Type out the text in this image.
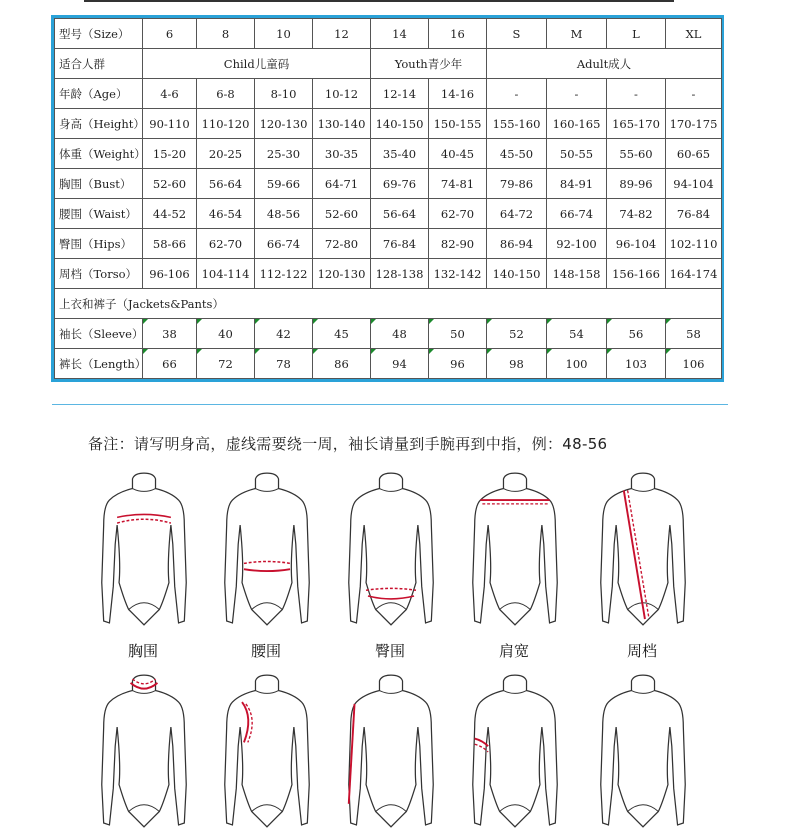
型号（Size）	6	8	10	12	14	16	S	M	L	XL
适合人群	Child儿童码				Youth青少年		Adult成人			
年龄（Age）	4-6	6-8	8-10	10-12	12-14	14-16	-	-	-	-
身高（Height）	90-110	110-120	120-130	130-140	140-150	150-155	155-160	160-165	165-170	170-175
体重（Weight）	15-20	20-25	25-30	30-35	35-40	40-45	45-50	50-55	55-60	60-65
胸围（Bust）	52-60	56-64	59-66	64-71	69-76	74-81	79-86	84-91	89-96	94-104
腰围（Waist）	44-52	46-54	48-56	52-60	56-64	62-70	64-72	66-74	74-82	76-84
臀围（Hips）	58-66	62-70	66-74	72-80	76-84	82-90	86-94	92-100	96-104	102-110
周档（Torso）	96-106	104-114	112-122	120-130	128-138	132-142	140-150	148-158	156-166	164-174
上衣和裤子（Jackets&Pants）										
袖长（Sleeve）	38	40	42	45	48	50	52	54	56	58
裤长（Length）	66	72	78	86	94	96	98	100	103	106
备注：请写明身高，虚线需要绕一周，袖长请量到手腕再到中指，例：48-56
胸围	腰围	臀围	肩宽	周档
